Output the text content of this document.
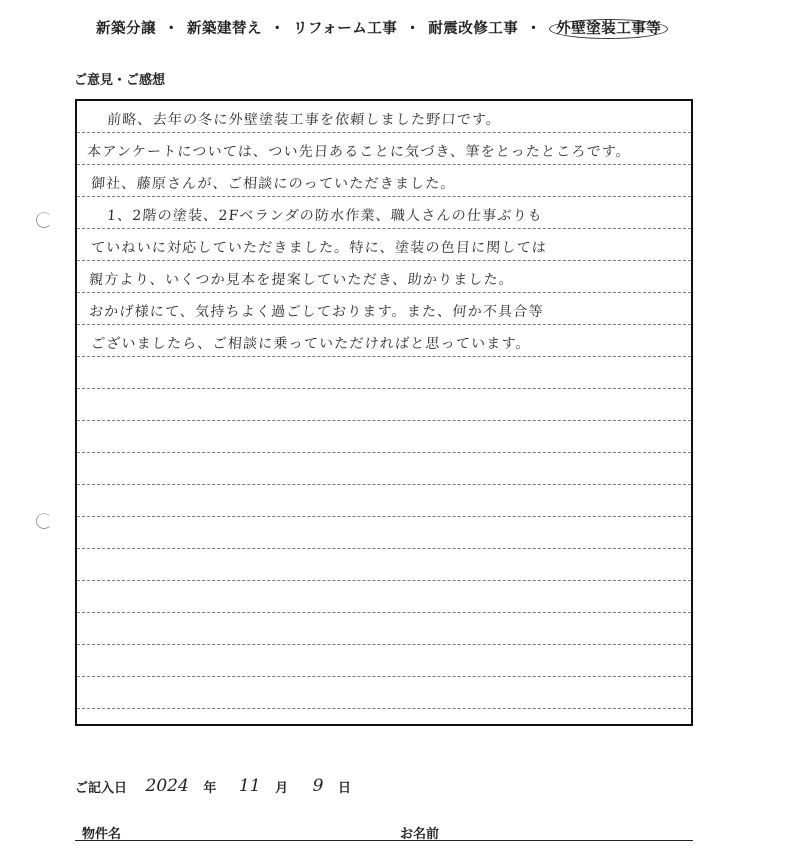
新築分譲 ・ 新築建替え ・ リフォーム工事 ・ 耐震改修工事 ・ 外壁塗装工事等
ご意見・ご感想
前略、去年の冬に外壁塗装工事を依頼しました野口です。
本アンケートについては、つい先日あることに気づき、筆をとったところです。
御社、藤原さんが、ご相談にのっていただきました。
1、2階の塗装、2Fベランダの防水作業、職人さんの仕事ぶりも
ていねいに対応していただきました。特に、塗装の色目に関しては
親方より、いくつか見本を提案していただき、助かりました。
おかげ様にて、気持ちよく過ごしております。また、何か不具合等
ございましたら、ご相談に乗っていただければと思っています。
ご記入日 2024 年 11 月 9 日
物件名	お名前
